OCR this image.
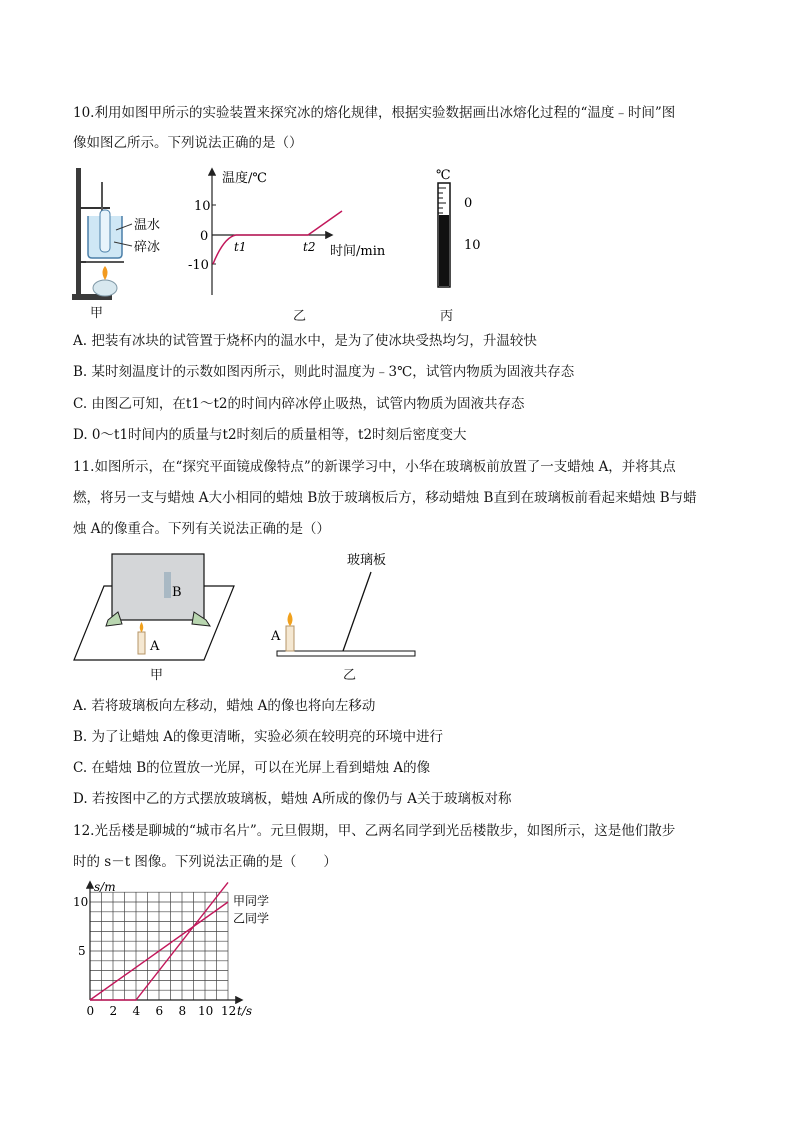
10.利用如图甲所示的实验装置来探究冰的熔化规律，根据实验数据画出冰熔化过程的“温度﹣时间”图
像如图乙所示。下列说法正确的是（）
温水
碎冰
甲
温度/℃
时间/min
10
0
-10
t1	t2
乙
℃
0
10
丙
A. 把装有冰块的试管置于烧杯内的温水中，是为了使冰块受热均匀，升温较快
B. 某时刻温度计的示数如图丙所示，则此时温度为﹣3℃，试管内物质为固液共存态
C. 由图乙可知，在t1～t2的时间内碎冰停止吸热，试管内物质为固液共存态
D. 0～t1时间内的质量与t2时刻后的质量相等，t2时刻后密度变大
11.如图所示，在“探究平面镜成像特点”的新课学习中，小华在玻璃板前放置了一支蜡烛 A，并将其点
燃，将另一支与蜡烛 A大小相同的蜡烛 B放于玻璃板后方，移动蜡烛 B直到在玻璃板前看起来蜡烛 B与蜡
烛 A的像重合。下列有关说法正确的是（）
B
A
甲
玻璃板
A
乙
A. 若将玻璃板向左移动，蜡烛 A的像也将向左移动
B. 为了让蜡烛 A的像更清晰，实验必须在较明亮的环境中进行
C. 在蜡烛 B的位置放一光屏，可以在光屏上看到蜡烛 A的像
D. 若按图中乙的方式摆放玻璃板，蜡烛 A所成的像仍与 A关于玻璃板对称
12.光岳楼是聊城的“城市名片”。元旦假期，甲、乙两名同学到光岳楼散步，如图所示，这是他们散步
时的 s－t 图像。下列说法正确的是（　　）
s/m
t/s
0 2 4 6 8 10 12
5
10	甲同学
乙同学
